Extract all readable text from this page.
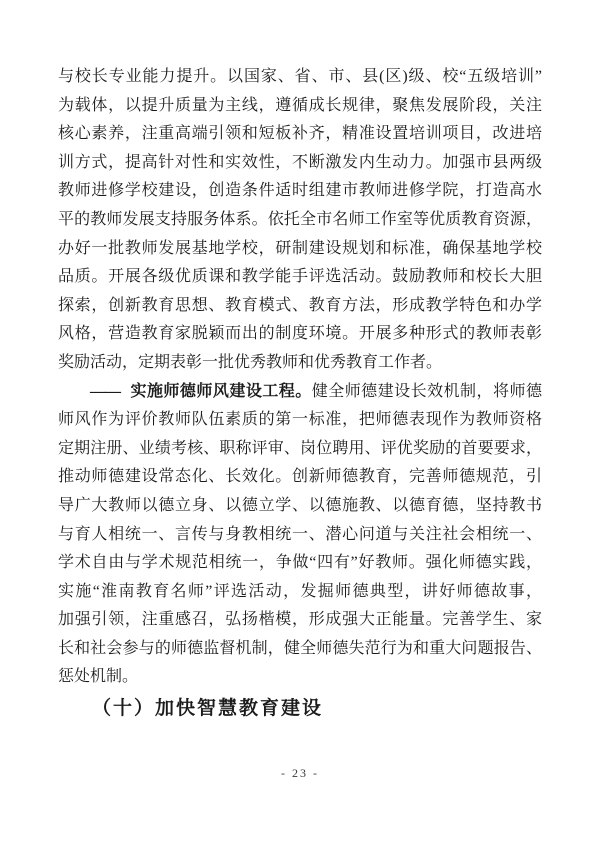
与校长专业能力提升。以国家、省、市、县(区)级、校“五级培训”
为载体，以提升质量为主线，遵循成长规律，聚焦发展阶段，关注
核心素养，注重高端引领和短板补齐，精准设置培训项目，改进培
训方式，提高针对性和实效性，不断激发内生动力。加强市县两级
教师进修学校建设，创造条件适时组建市教师进修学院，打造高水
平的教师发展支持服务体系。依托全市名师工作室等优质教育资源，
办好一批教师发展基地学校，研制建设规划和标准，确保基地学校
品质。开展各级优质课和教学能手评选活动。鼓励教师和校长大胆
探索，创新教育思想、教育模式、教育方法，形成教学特色和办学
风格，营造教育家脱颖而出的制度环境。开展多种形式的教师表彰
奖励活动，定期表彰一批优秀教师和优秀教育工作者。
—— 实施师德师风建设工程。健全师德建设长效机制，将师德
师风作为评价教师队伍素质的第一标准，把师德表现作为教师资格
定期注册、业绩考核、职称评审、岗位聘用、评优奖励的首要要求，
推动师德建设常态化、长效化。创新师德教育，完善师德规范，引
导广大教师以德立身、以德立学、以德施教、以德育德，坚持教书
与育人相统一、言传与身教相统一、潜心问道与关注社会相统一、
学术自由与学术规范相统一，争做“四有”好教师。强化师德实践，
实施“淮南教育名师”评选活动，发掘师德典型，讲好师德故事，
加强引领，注重感召，弘扬楷模，形成强大正能量。完善学生、家
长和社会参与的师德监督机制，健全师德失范行为和重大问题报告、
惩处机制。
（十）加快智慧教育建设
- 23 -
